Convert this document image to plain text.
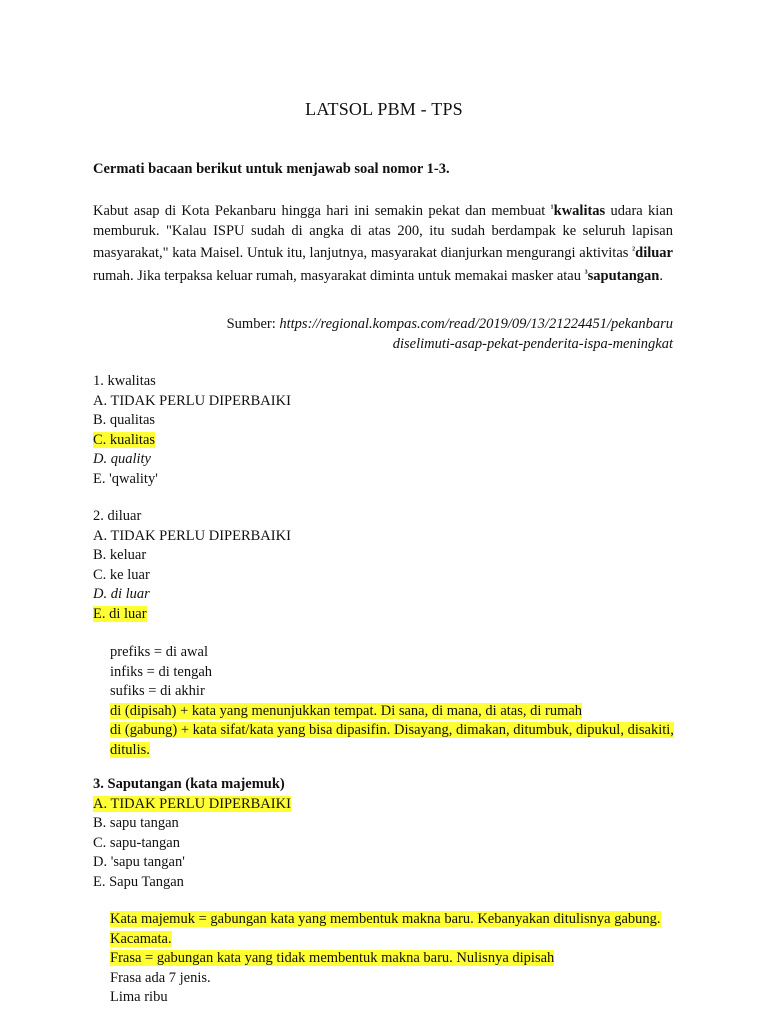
LATSOL PBM - TPS
Cermati bacaan berikut untuk menjawab soal nomor 1-3.

Kabut asap di Kota Pekanbaru hingga hari ini semakin pekat dan membuat $^{^1}$kwalitas udara kian memburuk. "Kalau ISPU sudah di angka di atas 200, itu sudah berdampak ke seluruh lapisan masyarakat," kata Maisel. Untuk itu, lanjutnya, masyarakat dianjurkan mengurangi aktivitas $^{^2}$diluar rumah. Jika terpaksa keluar rumah, masyarakat diminta untuk memakai masker atau $^{^3}$saputangan.

Sumber: https://regional.kompas.com/read/2019/09/13/21224451/pekanbaru
diselimuti-asap-pekat-penderita-ispa-meningkat
1. kwalitas
A. TIDAK PERLU DIPERBAIKI
B. qualitas
C. kualitas
D. quality
E. 'qwality'
2. diluar
A. TIDAK PERLU DIPERBAIKI
B. keluar
C. ke luar
D. di luar
E. di luar
prefiks = di awal
infiks = di tengah
sufiks = di akhir
di (dipisah) + kata yang menunjukkan tempat. Di sana, di mana, di atas, di rumah
di (gabung) + kata sifat/kata yang bisa dipasifin. Disayang, dimakan, ditumbuk, dipukul, disakiti, ditulis.
3. Saputangan (kata majemuk)
A. TIDAK PERLU DIPERBAIKI
B. sapu tangan
C. sapu-tangan
D. 'sapu tangan'
E. Sapu Tangan
Kata majemuk = gabungan kata yang membentuk makna baru. Kebanyakan ditulisnya gabung. Kacamata.
Frasa = gabungan kata yang tidak membentuk makna baru. Nulisnya dipisah
Frasa ada 7 jenis.
Lima ribu
